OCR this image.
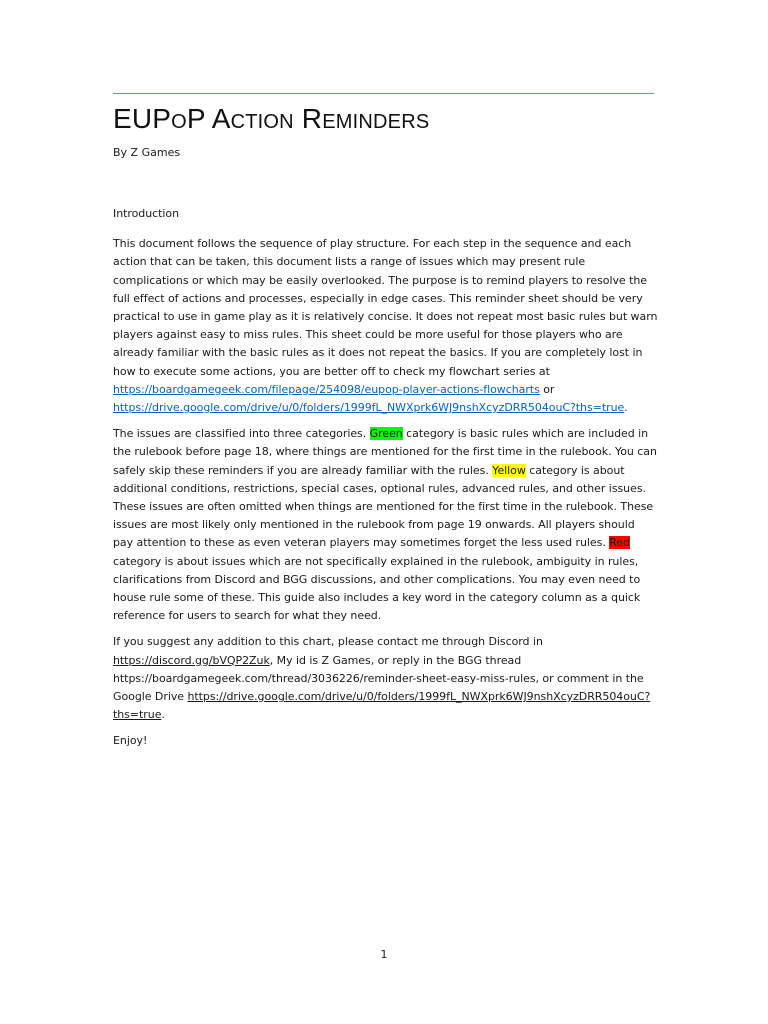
EUPoP Action Reminders
By Z Games

Introduction

This document follows the sequence of play structure. For each step in the sequence and each action that can be taken, this document lists a range of issues which may present rule complications or which may be easily overlooked. The purpose is to remind players to resolve the full effect of actions and processes, especially in edge cases. This reminder sheet should be very practical to use in game play as it is relatively concise. It does not repeat most basic rules but warn players against easy to miss rules. This sheet could be more useful for those players who are already familiar with the basic rules as it does not repeat the basics. If you are completely lost in how to execute some actions, you are better off to check my flowchart series at https://boardgamegeek.com/filepage/254098/eupop-player-actions-flowcharts or https://drive.google.com/drive/u/0/folders/1999fL_NWXprk6WJ9nshXcyzDRR504ouC?ths=true.

The issues are classified into three categories. Green category is basic rules which are included in the rulebook before page 18, where things are mentioned for the first time in the rulebook. You can safely skip these reminders if you are already familiar with the rules. Yellow category is about additional conditions, restrictions, special cases, optional rules, advanced rules, and other issues. These issues are often omitted when things are mentioned for the first time in the rulebook. These issues are most likely only mentioned in the rulebook from page 19 onwards. All players should pay attention to these as even veteran players may sometimes forget the less used rules. Red category is about issues which are not specifically explained in the rulebook, ambiguity in rules, clarifications from Discord and BGG discussions, and other complications. You may even need to house rule some of these. This guide also includes a key word in the category column as a quick reference for users to search for what they need.

If you suggest any addition to this chart, please contact me through Discord in https://discord.gg/bVQP2Zuk, My id is Z Games, or reply in the BGG thread https://boardgamegeek.com/thread/3036226/reminder-sheet-easy-miss-rules, or comment in the Google Drive https://drive.google.com/drive/u/0/folders/1999fL_NWXprk6WJ9nshXcyzDRR504ouC?ths=true.

Enjoy!

1
